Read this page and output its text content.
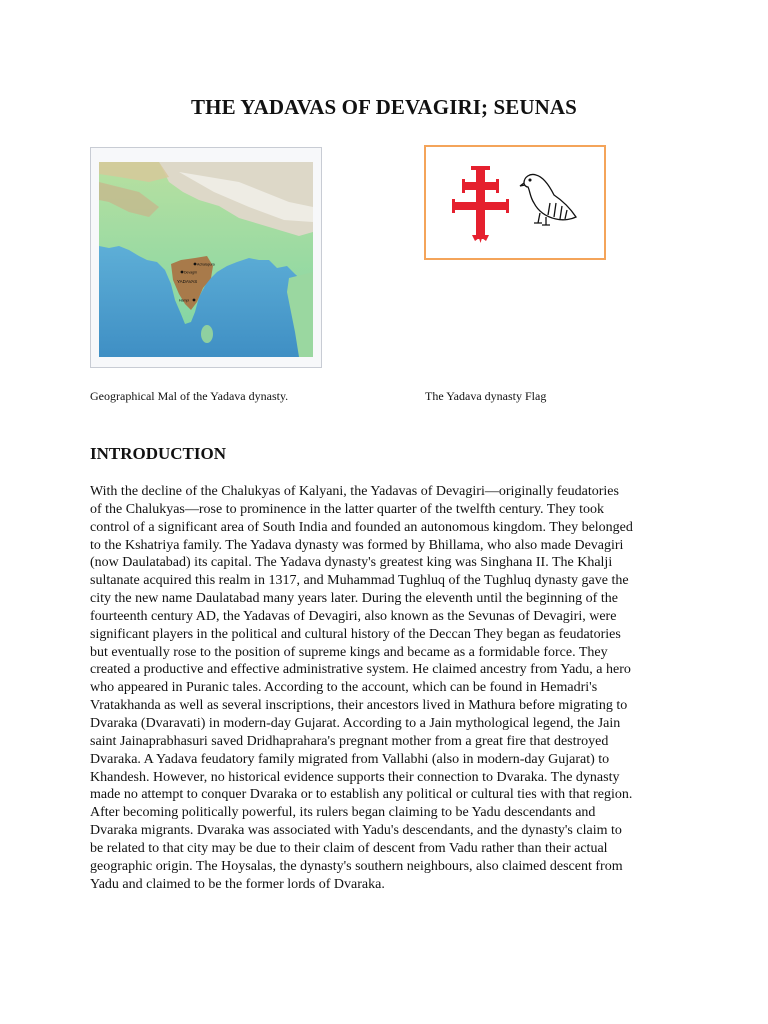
THE YADAVAS OF DEVAGIRI; SEUNAS
Achalapura
Devagiri
YADAVAS
Hampi
Geographical Mal of the Yadava dynasty.	The Yadava dynasty Flag
INTRODUCTION
With the decline of the Chalukyas of Kalyani, the Yadavas of Devagiri—originally feudatories
of the Chalukyas—rose to prominence in the latter quarter of the twelfth century. They took
control of a significant area of South India and founded an autonomous kingdom. They belonged
to the Kshatriya family. The Yadava dynasty was formed by Bhillama, who also made Devagiri
(now Daulatabad) its capital. The Yadava dynasty's greatest king was Singhana II. The Khalji
sultanate acquired this realm in 1317, and Muhammad Tughluq of the Tughluq dynasty gave the
city the new name Daulatabad many years later. During the eleventh until the beginning of the
fourteenth century AD, the Yadavas of Devagiri, also known as the Sevunas of Devagiri, were
significant players in the political and cultural history of the Deccan They began as feudatories
but eventually rose to the position of supreme kings and became as a formidable force. They
created a productive and effective administrative system. He claimed ancestry from Yadu, a hero
who appeared in Puranic tales. According to the account, which can be found in Hemadri's
Vratakhanda as well as several inscriptions, their ancestors lived in Mathura before migrating to
Dvaraka (Dvaravati) in modern-day Gujarat. According to a Jain mythological legend, the Jain
saint Jainaprabhasuri saved Dridhaprahara's pregnant mother from a great fire that destroyed
Dvaraka. A Yadava feudatory family migrated from Vallabhi (also in modern-day Gujarat) to
Khandesh. However, no historical evidence supports their connection to Dvaraka. The dynasty
made no attempt to conquer Dvaraka or to establish any political or cultural ties with that region.
After becoming politically powerful, its rulers began claiming to be Yadu descendants and
Dvaraka migrants. Dvaraka was associated with Yadu's descendants, and the dynasty's claim to
be related to that city may be due to their claim of descent from Vadu rather than their actual
geographic origin. The Hoysalas, the dynasty's southern neighbours, also claimed descent from
Yadu and claimed to be the former lords of Dvaraka.
